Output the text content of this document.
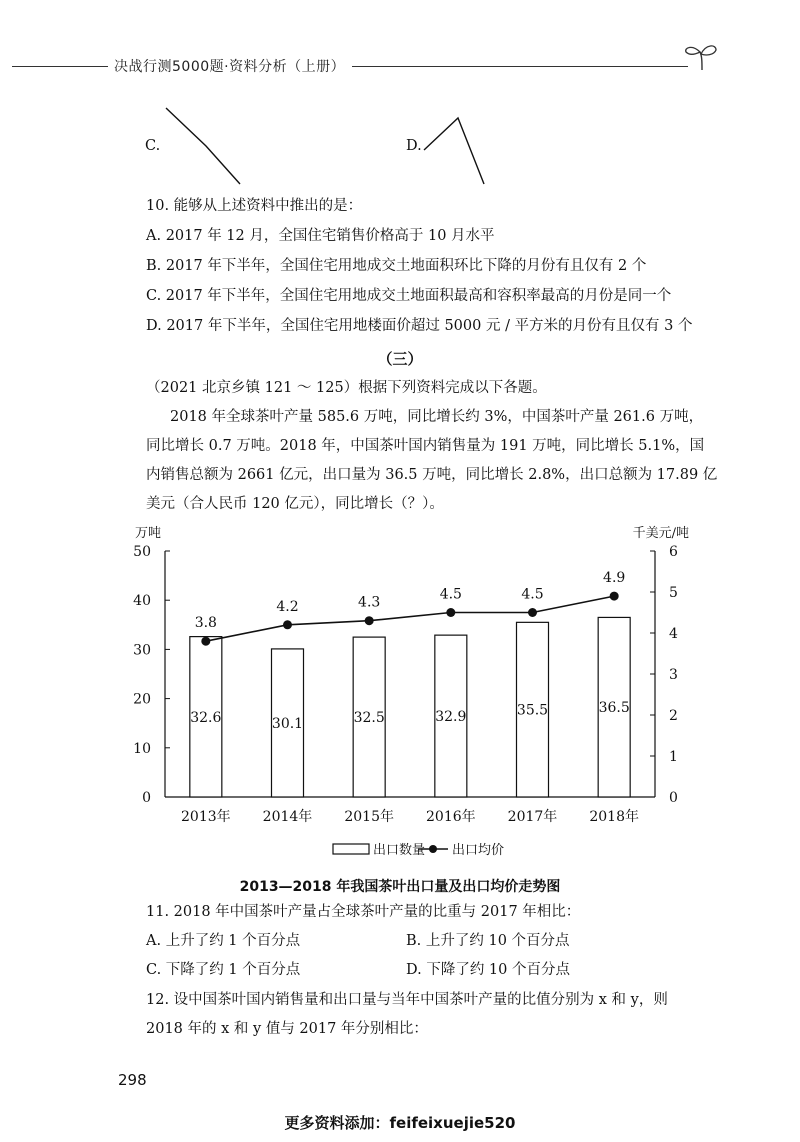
决战行测5000题·资料分析（上册）
C.	D.
10. 能够从上述资料中推出的是：
A. 2017 年 12 月，全国住宅销售价格高于 10 月水平
B. 2017 年下半年，全国住宅用地成交土地面积环比下降的月份有且仅有 2 个
C. 2017 年下半年，全国住宅用地成交土地面积最高和容积率最高的月份是同一个
D. 2017 年下半年，全国住宅用地楼面价超过 5000 元 / 平方米的月份有且仅有 3 个
（三）
（2021 北京乡镇 121 ～ 125）根据下列资料完成以下各题。
2018 年全球茶叶产量 585.6 万吨，同比增长约 3%，中国茶叶产量 261.6 万吨，
同比增长 0.7 万吨。2018 年，中国茶叶国内销售量为 191 万吨，同比增长 5.1%，国
内销售总额为 2661 亿元，出口量为 36.5 万吨，同比增长 2.8%，出口总额为 17.89 亿
美元（合人民币 120 亿元），同比增长（？）。
0
10
20
30
40
50
0
1
2
3
4
5
6
万吨	千美元/吨
32.6	30.1	32.5	32.9	35.5	36.5
2013年 2014年 2015年 2016年 2017年 2018年
3.8
4.2	4.3
4.5	4.5
4.9
出口数量 出口均价
2013—2018 年我国茶叶出口量及出口均价走势图
11. 2018 年中国茶叶产量占全球茶叶产量的比重与 2017 年相比：
A. 上升了约 1 个百分点	B. 上升了约 10 个百分点
C. 下降了约 1 个百分点	D. 下降了约 10 个百分点
12. 设中国茶叶国内销售量和出口量与当年中国茶叶产量的比值分别为 x 和 y，则
2018 年的 x 和 y 值与 2017 年分别相比：
298
更多资料添加：feifeixuejie520
